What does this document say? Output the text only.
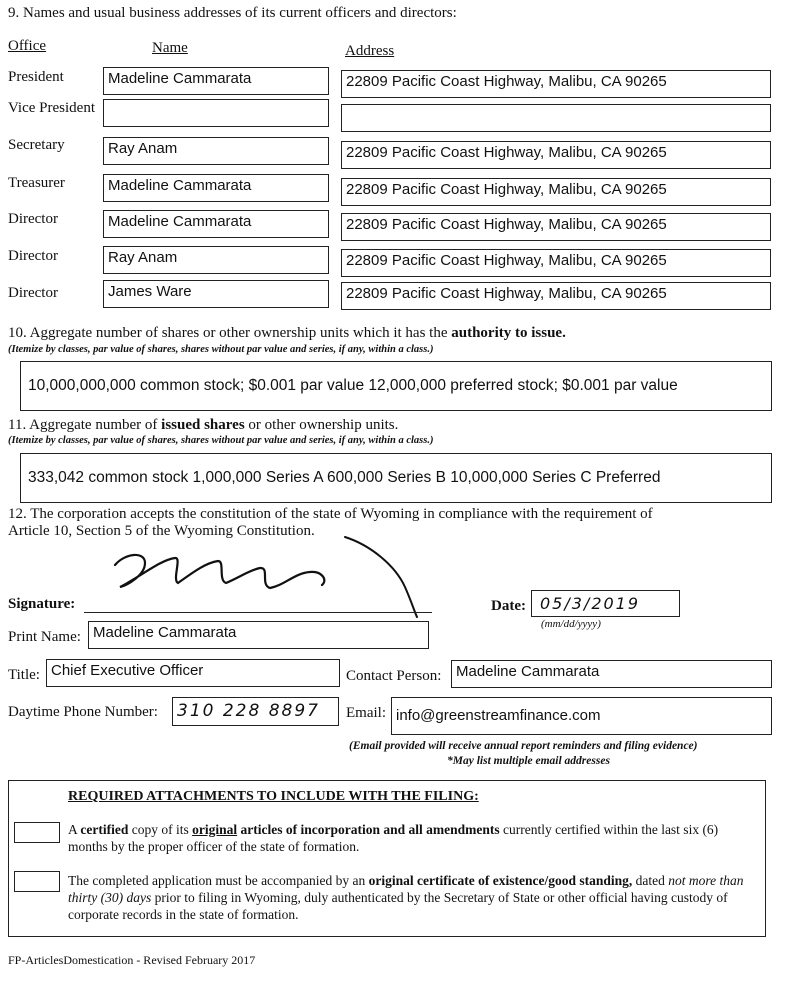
9. Names and usual business addresses of its current officers and directors:
Office	Name	Address
President	Madeline Cammarata	22809 Pacific Coast Highway, Malibu, CA 90265
Vice President
Secretary	Ray Anam	22809 Pacific Coast Highway, Malibu, CA 90265
Treasurer	Madeline Cammarata	22809 Pacific Coast Highway, Malibu, CA 90265
Director	Madeline Cammarata	22809 Pacific Coast Highway, Malibu, CA 90265
Director	Ray Anam	22809 Pacific Coast Highway, Malibu, CA 90265
Director	James Ware	22809 Pacific Coast Highway, Malibu, CA 90265
10. Aggregate number of shares or other ownership units which it has the authority to issue.
(Itemize by classes, par value of shares, shares without par value and series, if any, within a class.)
10,000,000,000 common stock; $0.001 par value 12,000,000 preferred stock; $0.001 par value
11. Aggregate number of issued shares or other ownership units.
(Itemize by classes, par value of shares, shares without par value and series, if any, within a class.)
333,042 common stock 1,000,000 Series A 600,000 Series B 10,000,000 Series C Preferred
12. The corporation accepts the constitution of the state of Wyoming in compliance with the requirement of
Article 10, Section 5 of the Wyoming Constitution.
Signature:	Date: 05/3/2019
(mm/dd/yyyy)
Print Name: Madeline Cammarata
Title: Chief Executive Officer	Contact Person: Madeline Cammarata
Daytime Phone Number: 310 228 8897	Email: info@greenstreamfinance.com
(Email provided will receive annual report reminders and filing evidence)
*May list multiple email addresses
REQUIRED ATTACHMENTS TO INCLUDE WITH THE FILING:
A certified copy of its original articles of incorporation and all amendments currently certified within the last six (6) months by the proper officer of the state of formation.
The completed application must be accompanied by an original certificate of existence/good standing, dated not more than thirty (30) days prior to filing in Wyoming, duly authenticated by the Secretary of State or other official having custody of corporate records in the state of formation.
FP-ArticlesDomestication - Revised February 2017
